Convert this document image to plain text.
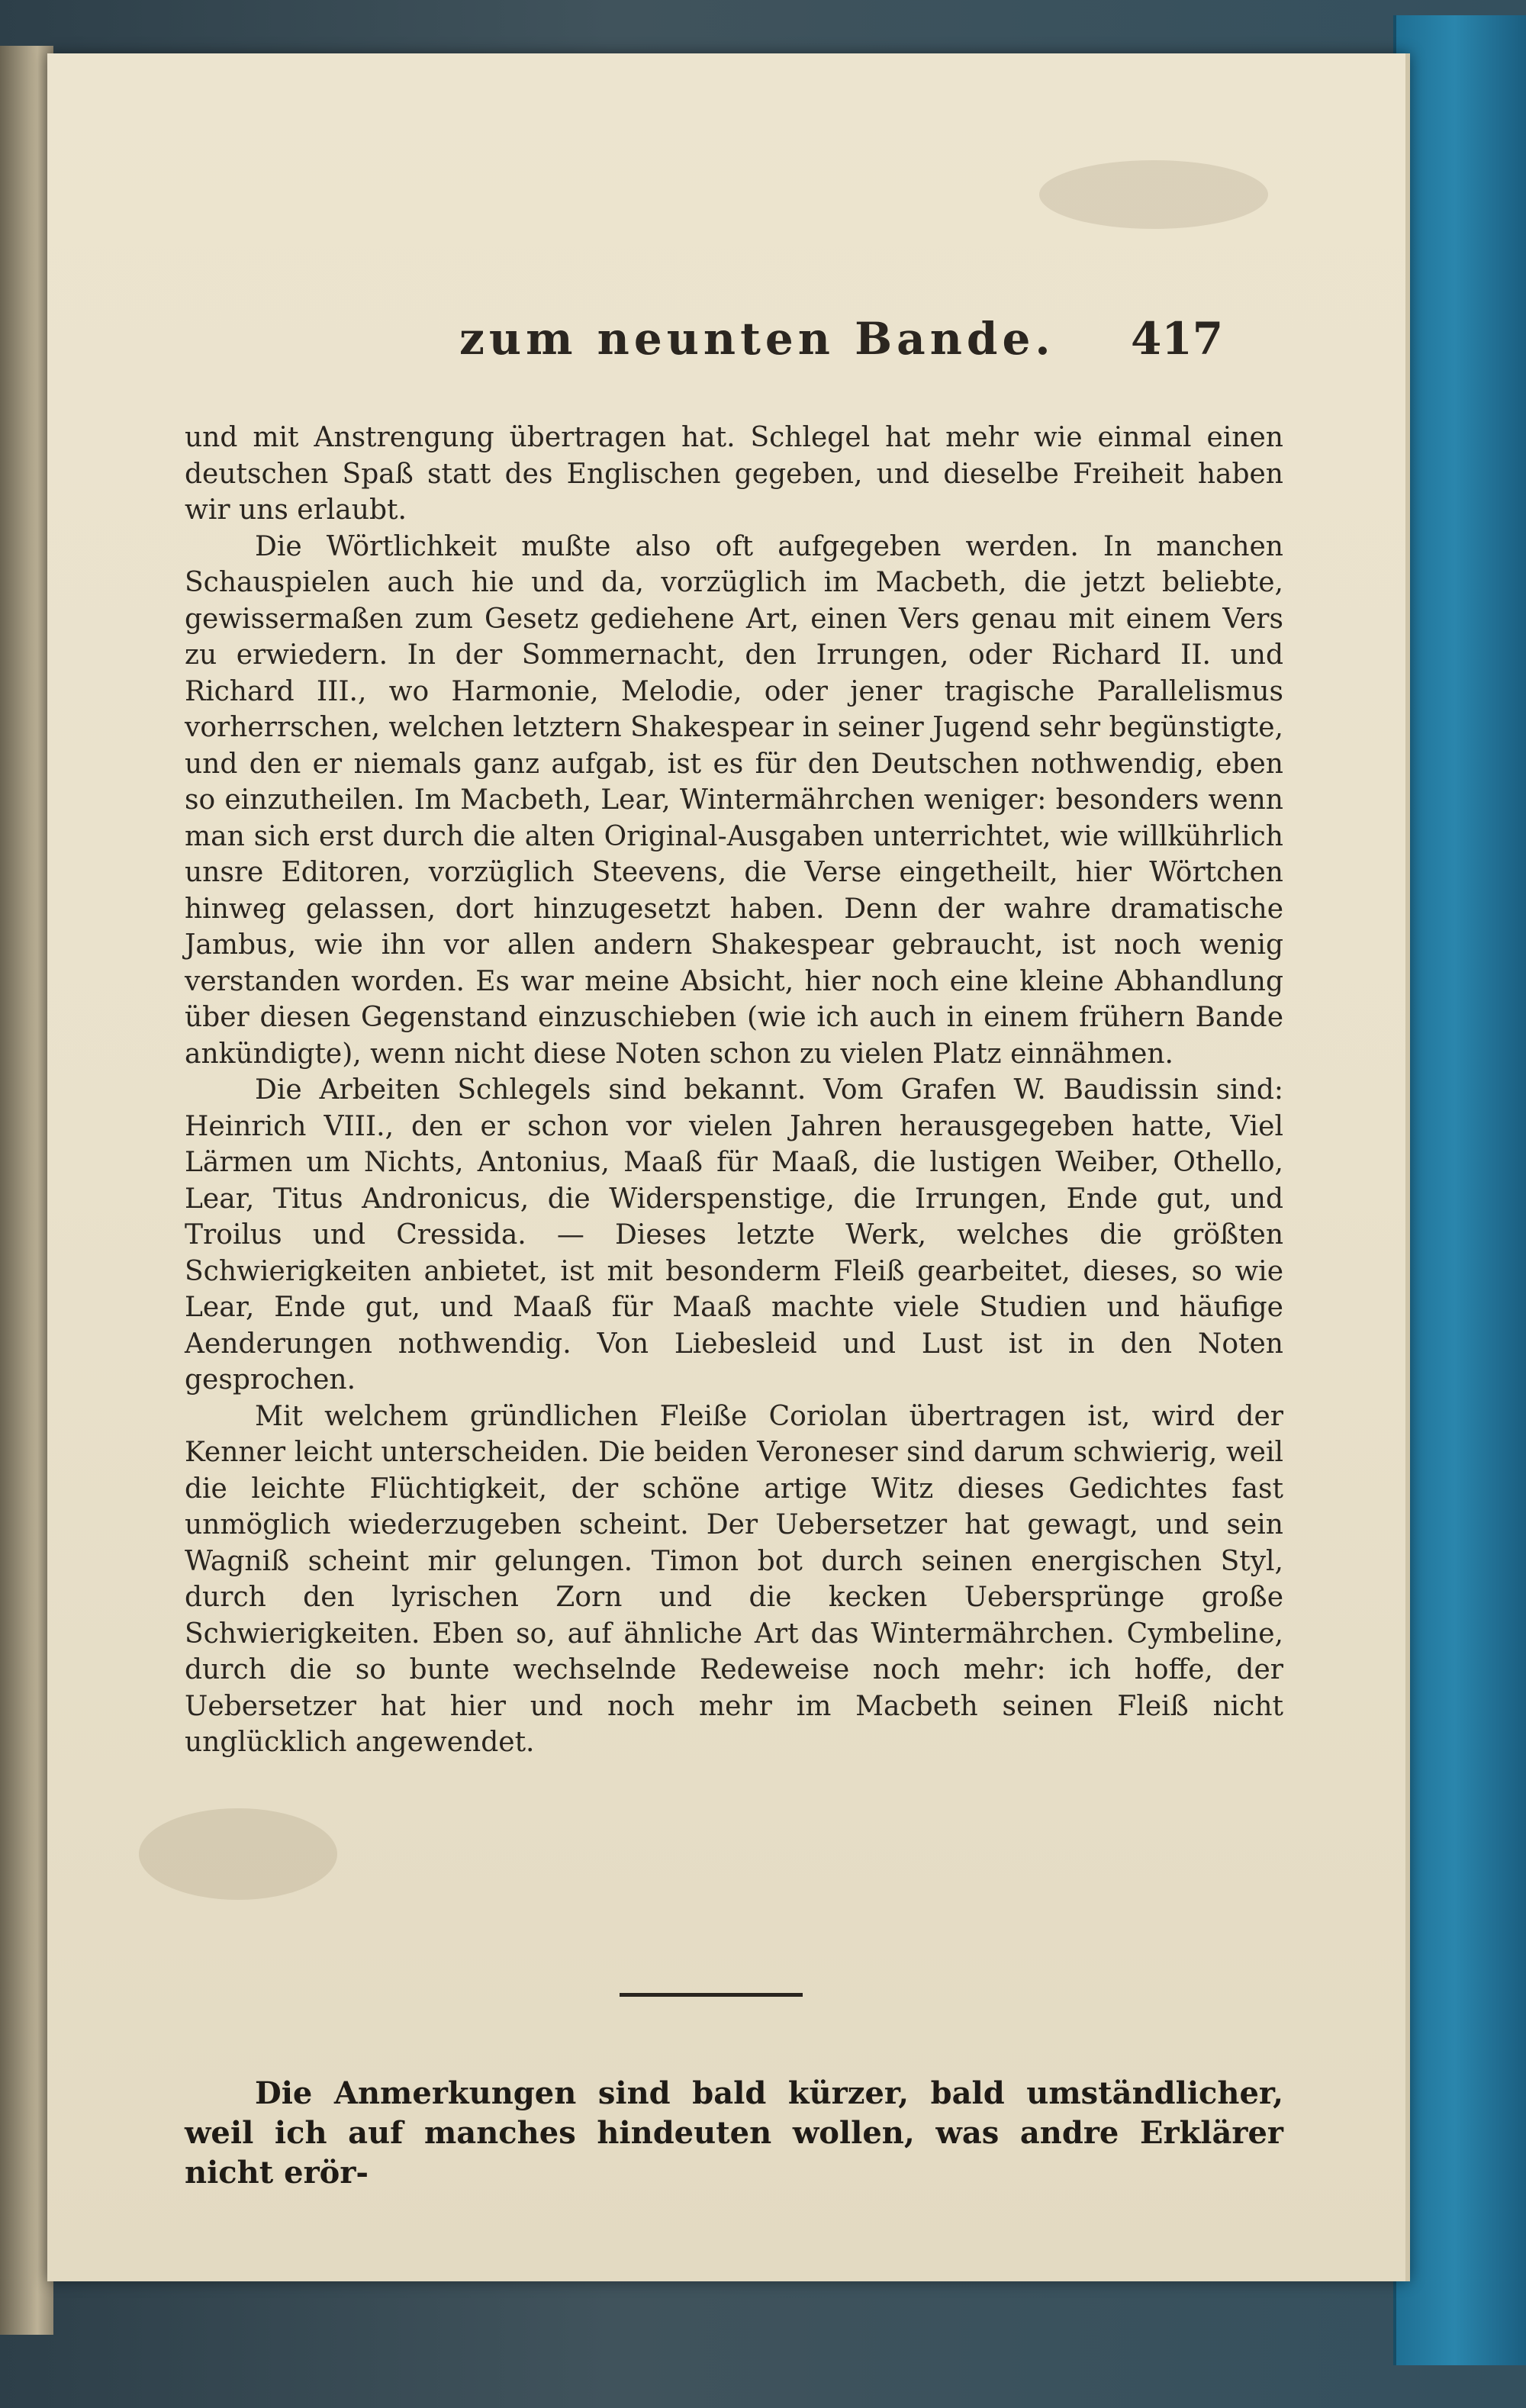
zum neunten Bande. 417

und mit Anstrengung übertragen hat. Schlegel hat mehr wie einmal einen deutschen Spaß statt des Englischen gegeben, und dieselbe Freiheit haben wir uns erlaubt.

Die Wörtlichkeit mußte also oft aufgegeben werden. In manchen Schauspielen auch hie und da, vorzüglich im Macbeth, die jetzt beliebte, gewissermaßen zum Gesetz gediehene Art, einen Vers genau mit einem Vers zu erwiedern. In der Sommernacht, den Irrungen, oder Richard II. und Richard III., wo Harmonie, Melodie, oder jener tragische Parallelismus vorherrschen, welchen letztern Shakespear in seiner Jugend sehr begünstigte, und den er niemals ganz aufgab, ist es für den Deutschen nothwendig, eben so einzutheilen. Im Macbeth, Lear, Wintermährchen weniger: besonders wenn man sich erst durch die alten Original-Ausgaben unterrichtet, wie willkührlich unsre Editoren, vorzüglich Steevens, die Verse eingetheilt, hier Wörtchen hinweg gelassen, dort hinzugesetzt haben. Denn der wahre dramatische Jambus, wie ihn vor allen andern Shakespear gebraucht, ist noch wenig verstanden worden. Es war meine Absicht, hier noch eine kleine Abhandlung über diesen Gegenstand einzuschieben (wie ich auch in einem frühern Bande ankündigte), wenn nicht diese Noten schon zu vielen Platz einnähmen.

Die Arbeiten Schlegels sind bekannt. Vom Grafen W. Baudissin sind: Heinrich VIII., den er schon vor vielen Jahren herausgegeben hatte, Viel Lärmen um Nichts, Antonius, Maaß für Maaß, die lustigen Weiber, Othello, Lear, Titus Andronicus, die Widerspenstige, die Irrungen, Ende gut, und Troilus und Cressida. — Dieses letzte Werk, welches die größten Schwierigkeiten anbietet, ist mit besonderm Fleiß gearbeitet, dieses, so wie Lear, Ende gut, und Maaß für Maaß machte viele Studien und häufige Aenderungen nothwendig. Von Liebesleid und Lust ist in den Noten gesprochen.

Mit welchem gründlichen Fleiße Coriolan übertragen ist, wird der Kenner leicht unterscheiden. Die beiden Veroneser sind darum schwierig, weil die leichte Flüchtigkeit, der schöne artige Witz dieses Gedichtes fast unmöglich wiederzugeben scheint. Der Uebersetzer hat gewagt, und sein Wagniß scheint mir gelungen. Timon bot durch seinen energischen Styl, durch den lyrischen Zorn und die kecken Uebersprünge große Schwierigkeiten. Eben so, auf ähnliche Art das Wintermährchen. Cymbeline, durch die so bunte wechselnde Redeweise noch mehr: ich hoffe, der Uebersetzer hat hier und noch mehr im Macbeth seinen Fleiß nicht unglücklich angewendet.

Die Anmerkungen sind bald kürzer, bald umständlicher, weil ich auf manches hindeuten wollen, was andre Erklärer nicht erör-
